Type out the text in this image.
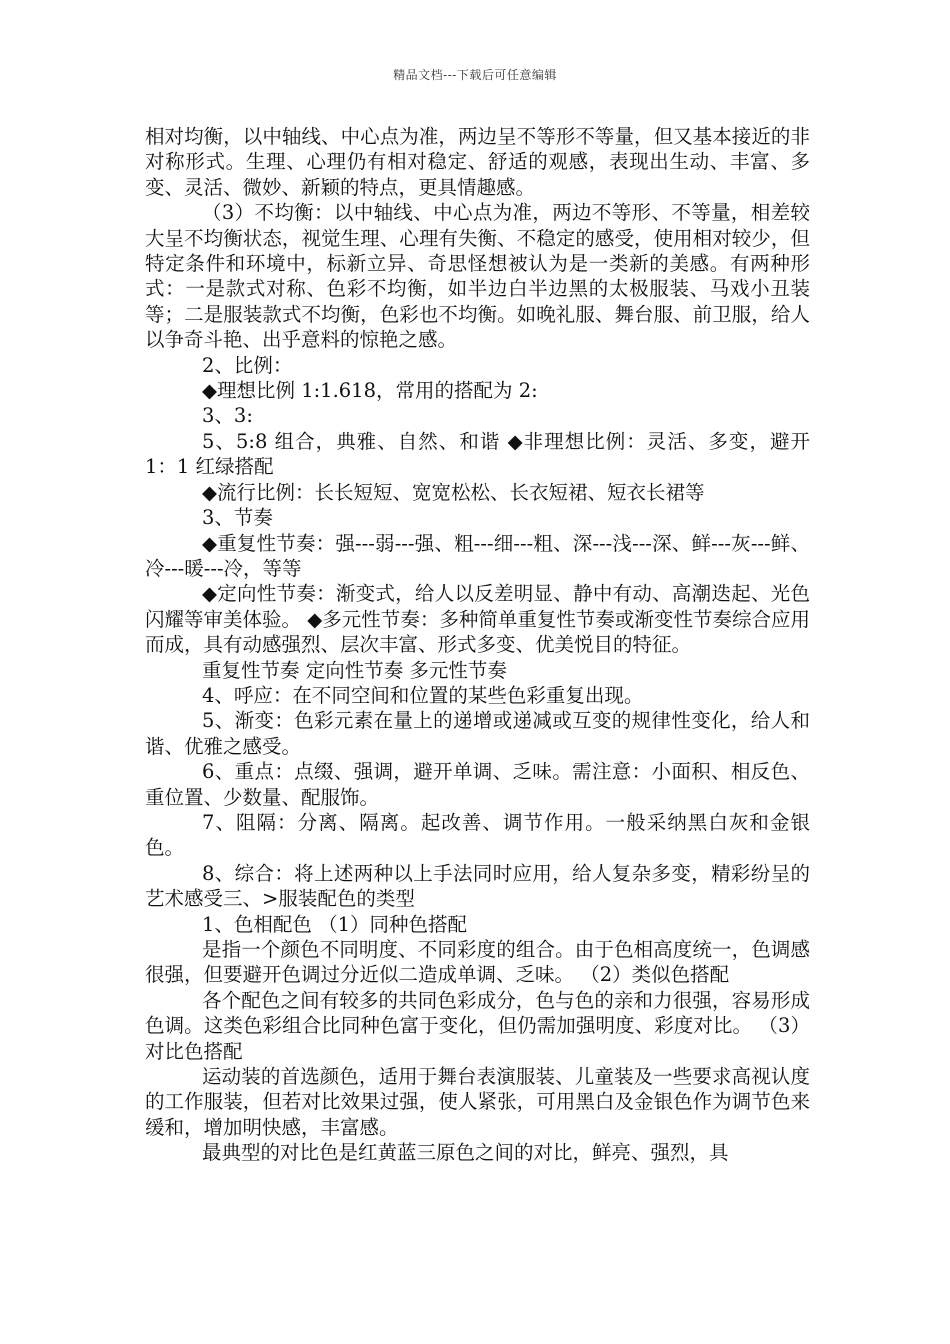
精品文档---下载后可任意编辑

相对均衡，以中轴线、中心点为准，两边呈不等形不等量，但又基本接近的非对称形式。生理、心理仍有相对稳定、舒适的观感，表现出生动、丰富、多变、灵活、微妙、新颖的特点，更具情趣感。

（3）不均衡：以中轴线、中心点为准，两边不等形、不等量，相差较大呈不均衡状态，视觉生理、心理有失衡、不稳定的感受，使用相对较少，但特定条件和环境中，标新立异、奇思怪想被认为是一类新的美感。有两种形式：一是款式对称、色彩不均衡，如半边白半边黑的太极服装、马戏小丑装等；二是服装款式不均衡，色彩也不均衡。如晚礼服、舞台服、前卫服，给人以争奇斗艳、出乎意料的惊艳之感。

2、比例：

◆理想比例 1:1.618，常用的搭配为 2:

3、3:

5、5:8 组合，典雅、自然、和谐 ◆非理想比例：灵活、多变，避开 1：1 红绿搭配

◆流行比例：长长短短、宽宽松松、长衣短裙、短衣长裙等

3、节奏

◆重复性节奏：强---弱---强、粗---细---粗、深---浅---深、鲜---灰---鲜、冷---暖---冷，等等

◆定向性节奏：渐变式，给人以反差明显、静中有动、高潮迭起、光色闪耀等审美体验。 ◆多元性节奏：多种简单重复性节奏或渐变性节奏综合应用而成，具有动感强烈、层次丰富、形式多变、优美悦目的特征。

重复性节奏 定向性节奏 多元性节奏

4、呼应：在不同空间和位置的某些色彩重复出现。

5、渐变：色彩元素在量上的递增或递减或互变的规律性变化，给人和谐、优雅之感受。

6、重点：点缀、强调，避开单调、乏味。需注意：小面积、相反色、重位置、少数量、配服饰。

7、阻隔：分离、隔离。起改善、调节作用。一般采纳黑白灰和金银色。

8、综合：将上述两种以上手法同时应用，给人复杂多变，精彩纷呈的艺术感受三、>服装配色的类型

1、色相配色 （1）同种色搭配

是指一个颜色不同明度、不同彩度的组合。由于色相高度统一，色调感很强，但要避开色调过分近似二造成单调、乏味。 （2）类似色搭配

各个配色之间有较多的共同色彩成分，色与色的亲和力很强，容易形成色调。这类色彩组合比同种色富于变化，但仍需加强明度、彩度对比。 （3）对比色搭配

运动装的首选颜色，适用于舞台表演服装、儿童装及一些要求高视认度的工作服装，但若对比效果过强，使人紧张，可用黑白及金银色作为调节色来缓和，增加明快感，丰富感。

最典型的对比色是红黄蓝三原色之间的对比，鲜亮、强烈，具
